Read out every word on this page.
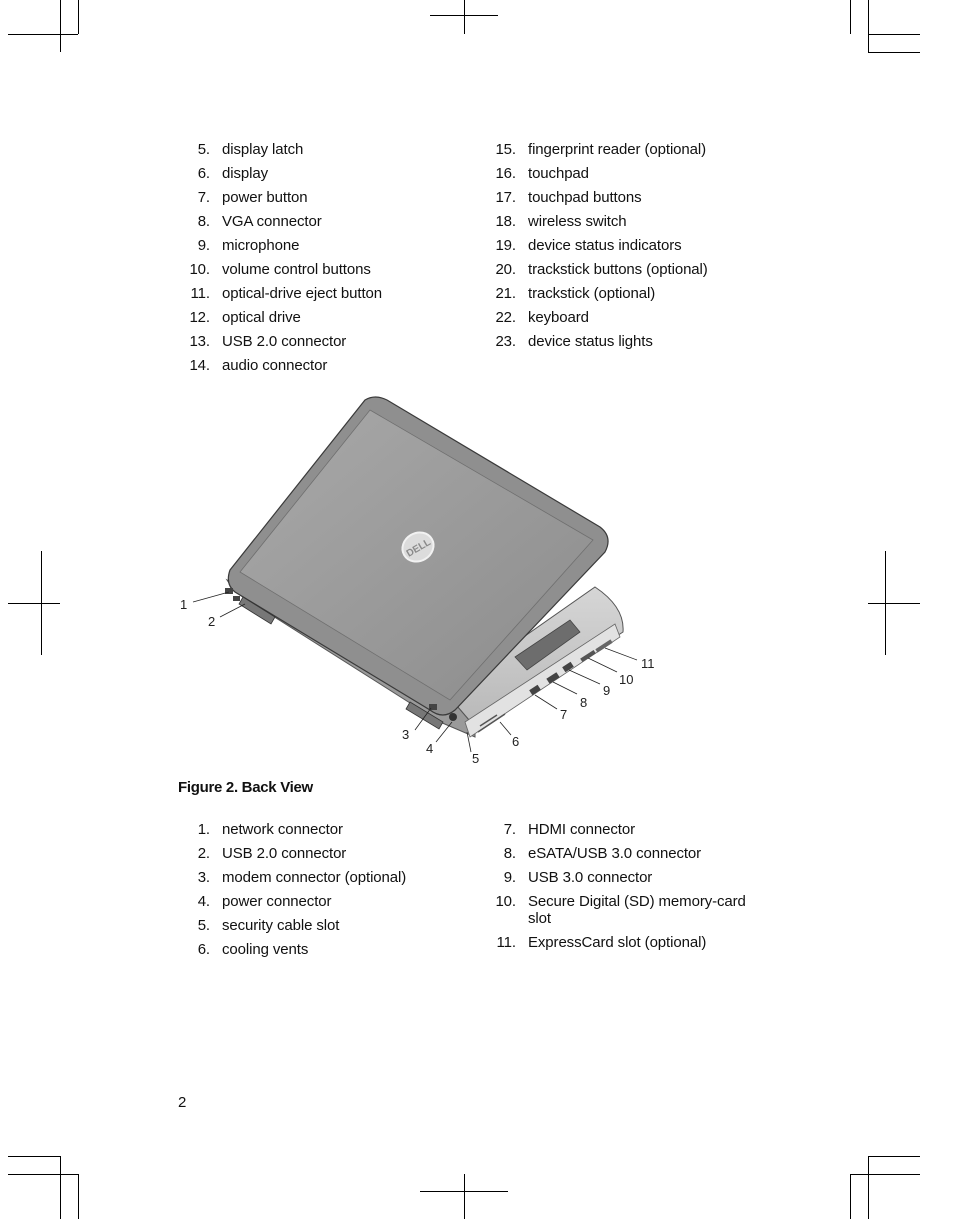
5. display latch
6. display
7. power button
8. VGA connector
9. microphone
10. volume control buttons
11. optical-drive eject button
12. optical drive
13. USB 2.0 connector
14. audio connector
15. fingerprint reader (optional)
16. touchpad
17. touchpad buttons
18. wireless switch
19. device status indicators
20. trackstick buttons (optional)
21. trackstick (optional)
22. keyboard
23. device status lights
DELL
1
2
3
4
5
6
7
8
9
10
11
Figure 2. Back View
1. network connector
2. USB 2.0 connector
3. modem connector (optional)
4. power connector
5. security cable slot
6. cooling vents
7. HDMI connector
8. eSATA/USB 3.0 connector
9. USB 3.0 connector
10. Secure Digital (SD) memory-card slot
11. ExpressCard slot (optional)
2
